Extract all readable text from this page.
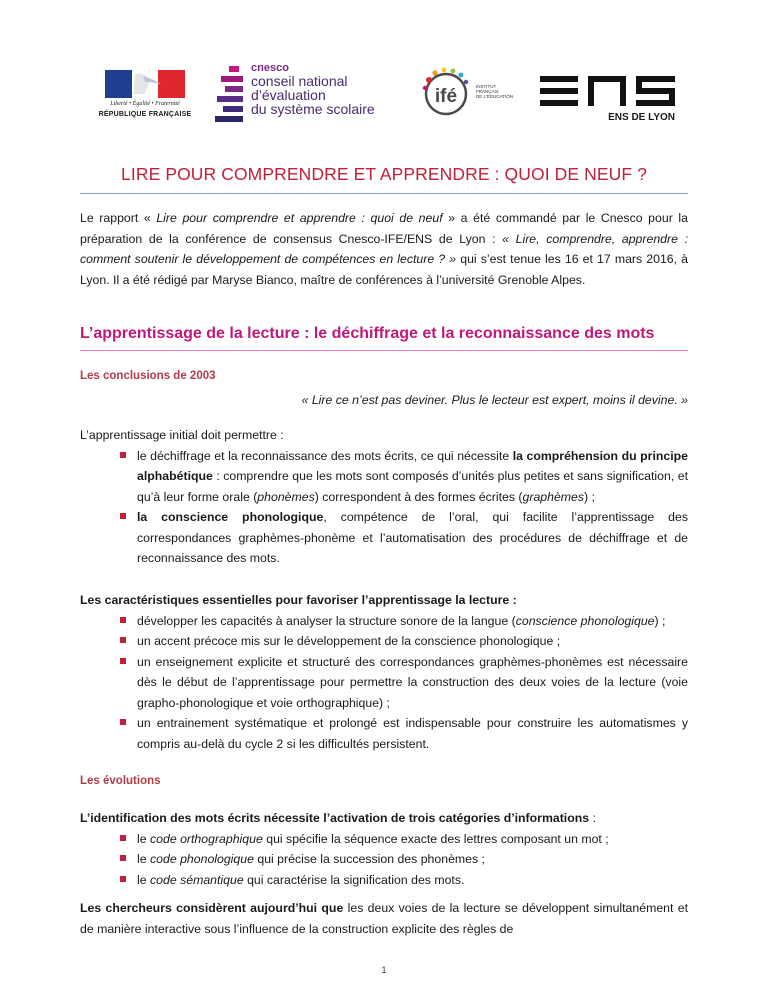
Liberté • Égalité • Fraternité
RÉPUBLIQUE FRANÇAISE
cnesco
conseil national
d’évaluation
du système scolaire
ifé	INSTITUT
FRANÇAIS
DE L'ÉDUCATION
ENS DE LYON
LIRE POUR COMPRENDRE ET APPRENDRE : QUOI DE NEUF ?

Le rapport « Lire pour comprendre et apprendre : quoi de neuf » a été commandé par le Cnesco pour la préparation de la conférence de consensus Cnesco-IFE/ENS de Lyon : « Lire, comprendre, apprendre : comment soutenir le développement de compétences en lecture ? » qui s’est tenue les 16 et 17 mars 2016, à Lyon. Il a été rédigé par Maryse Bianco, maître de conférences à l’université Grenoble Alpes.

L’apprentissage de la lecture : le déchiffrage et la reconnaissance des mots
Les conclusions de 2003

« Lire ce n’est pas deviner. Plus le lecteur est expert, moins il devine. »

L’apprentissage initial doit permettre :

le déchiffrage et la reconnaissance des mots écrits, ce qui nécessite la compréhension du principe alphabétique : comprendre que les mots sont composés d’unités plus petites et sans signification, et qu’à leur forme orale (phonèmes) correspondent à des formes écrites (graphèmes) ;
la conscience phonologique, compétence de l’oral, qui facilite l’apprentissage des correspondances graphèmes-phonème et l’automatisation des procédures de déchiffrage et de reconnaissance des mots.

Les caractéristiques essentielles pour favoriser l’apprentissage la lecture :

développer les capacités à analyser la structure sonore de la langue (conscience phonologique) ;
un accent précoce mis sur le développement de la conscience phonologique ;
un enseignement explicite et structuré des correspondances graphèmes-phonèmes est nécessaire dès le début de l’apprentissage pour permettre la construction des deux voies de la lecture (voie grapho-phonologique et voie orthographique) ;
un entrainement systématique et prolongé est indispensable pour construire les automatismes y compris au-delà du cycle 2 si les difficultés persistent.
Les évolutions

L’identification des mots écrits nécessite l’activation de trois catégories d’informations :

le code orthographique qui spécifie la séquence exacte des lettres composant un mot ;
le code phonologique qui précise la succession des phonèmes ;
le code sémantique qui caractérise la signification des mots.

Les chercheurs considèrent aujourd’hui que les deux voies de la lecture se développent simultanément et de manière interactive sous l’influence de la construction explicite des règles de

1
